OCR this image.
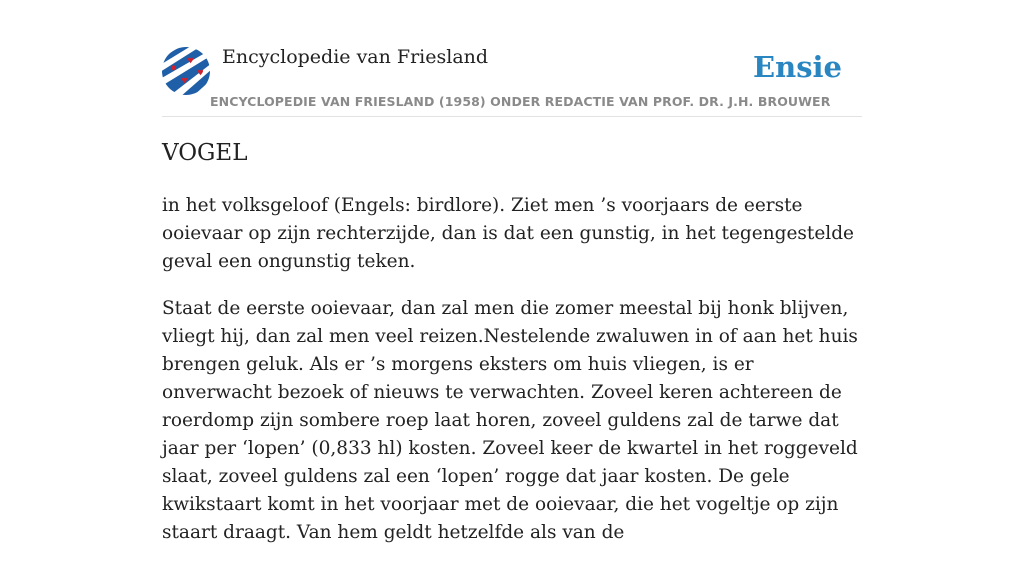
Encyclopedie van Friesland	Ensie
ENCYCLOPEDIE VAN FRIESLAND (1958) ONDER REDACTIE VAN PROF. DR. J.H. BROUWER
VOGEL

in het volksgeloof (Engels: birdlore). Ziet men ’s voorjaars de eerste ooievaar op zijn rechterzijde, dan is dat een gunstig, in het tegengestelde geval een ongunstig teken.

Staat de eerste ooievaar, dan zal men die zomer meestal bij honk blijven, vliegt hij, dan zal men veel reizen.Nestelende zwaluwen in of aan het huis brengen geluk. Als er ’s morgens eksters om huis vliegen, is er onverwacht bezoek of nieuws te verwachten. Zoveel keren achtereen de roerdomp zijn sombere roep laat horen, zoveel guldens zal de tarwe dat jaar per ‘lopen’ (0,833 hl) kosten. Zoveel keer de kwartel in het roggeveld slaat, zoveel guldens zal een ‘lopen’ rogge dat jaar kosten. De gele kwikstaart komt in het voorjaar met de ooievaar, die het vogeltje op zijn staart draagt. Van hem geldt hetzelfde als van de
